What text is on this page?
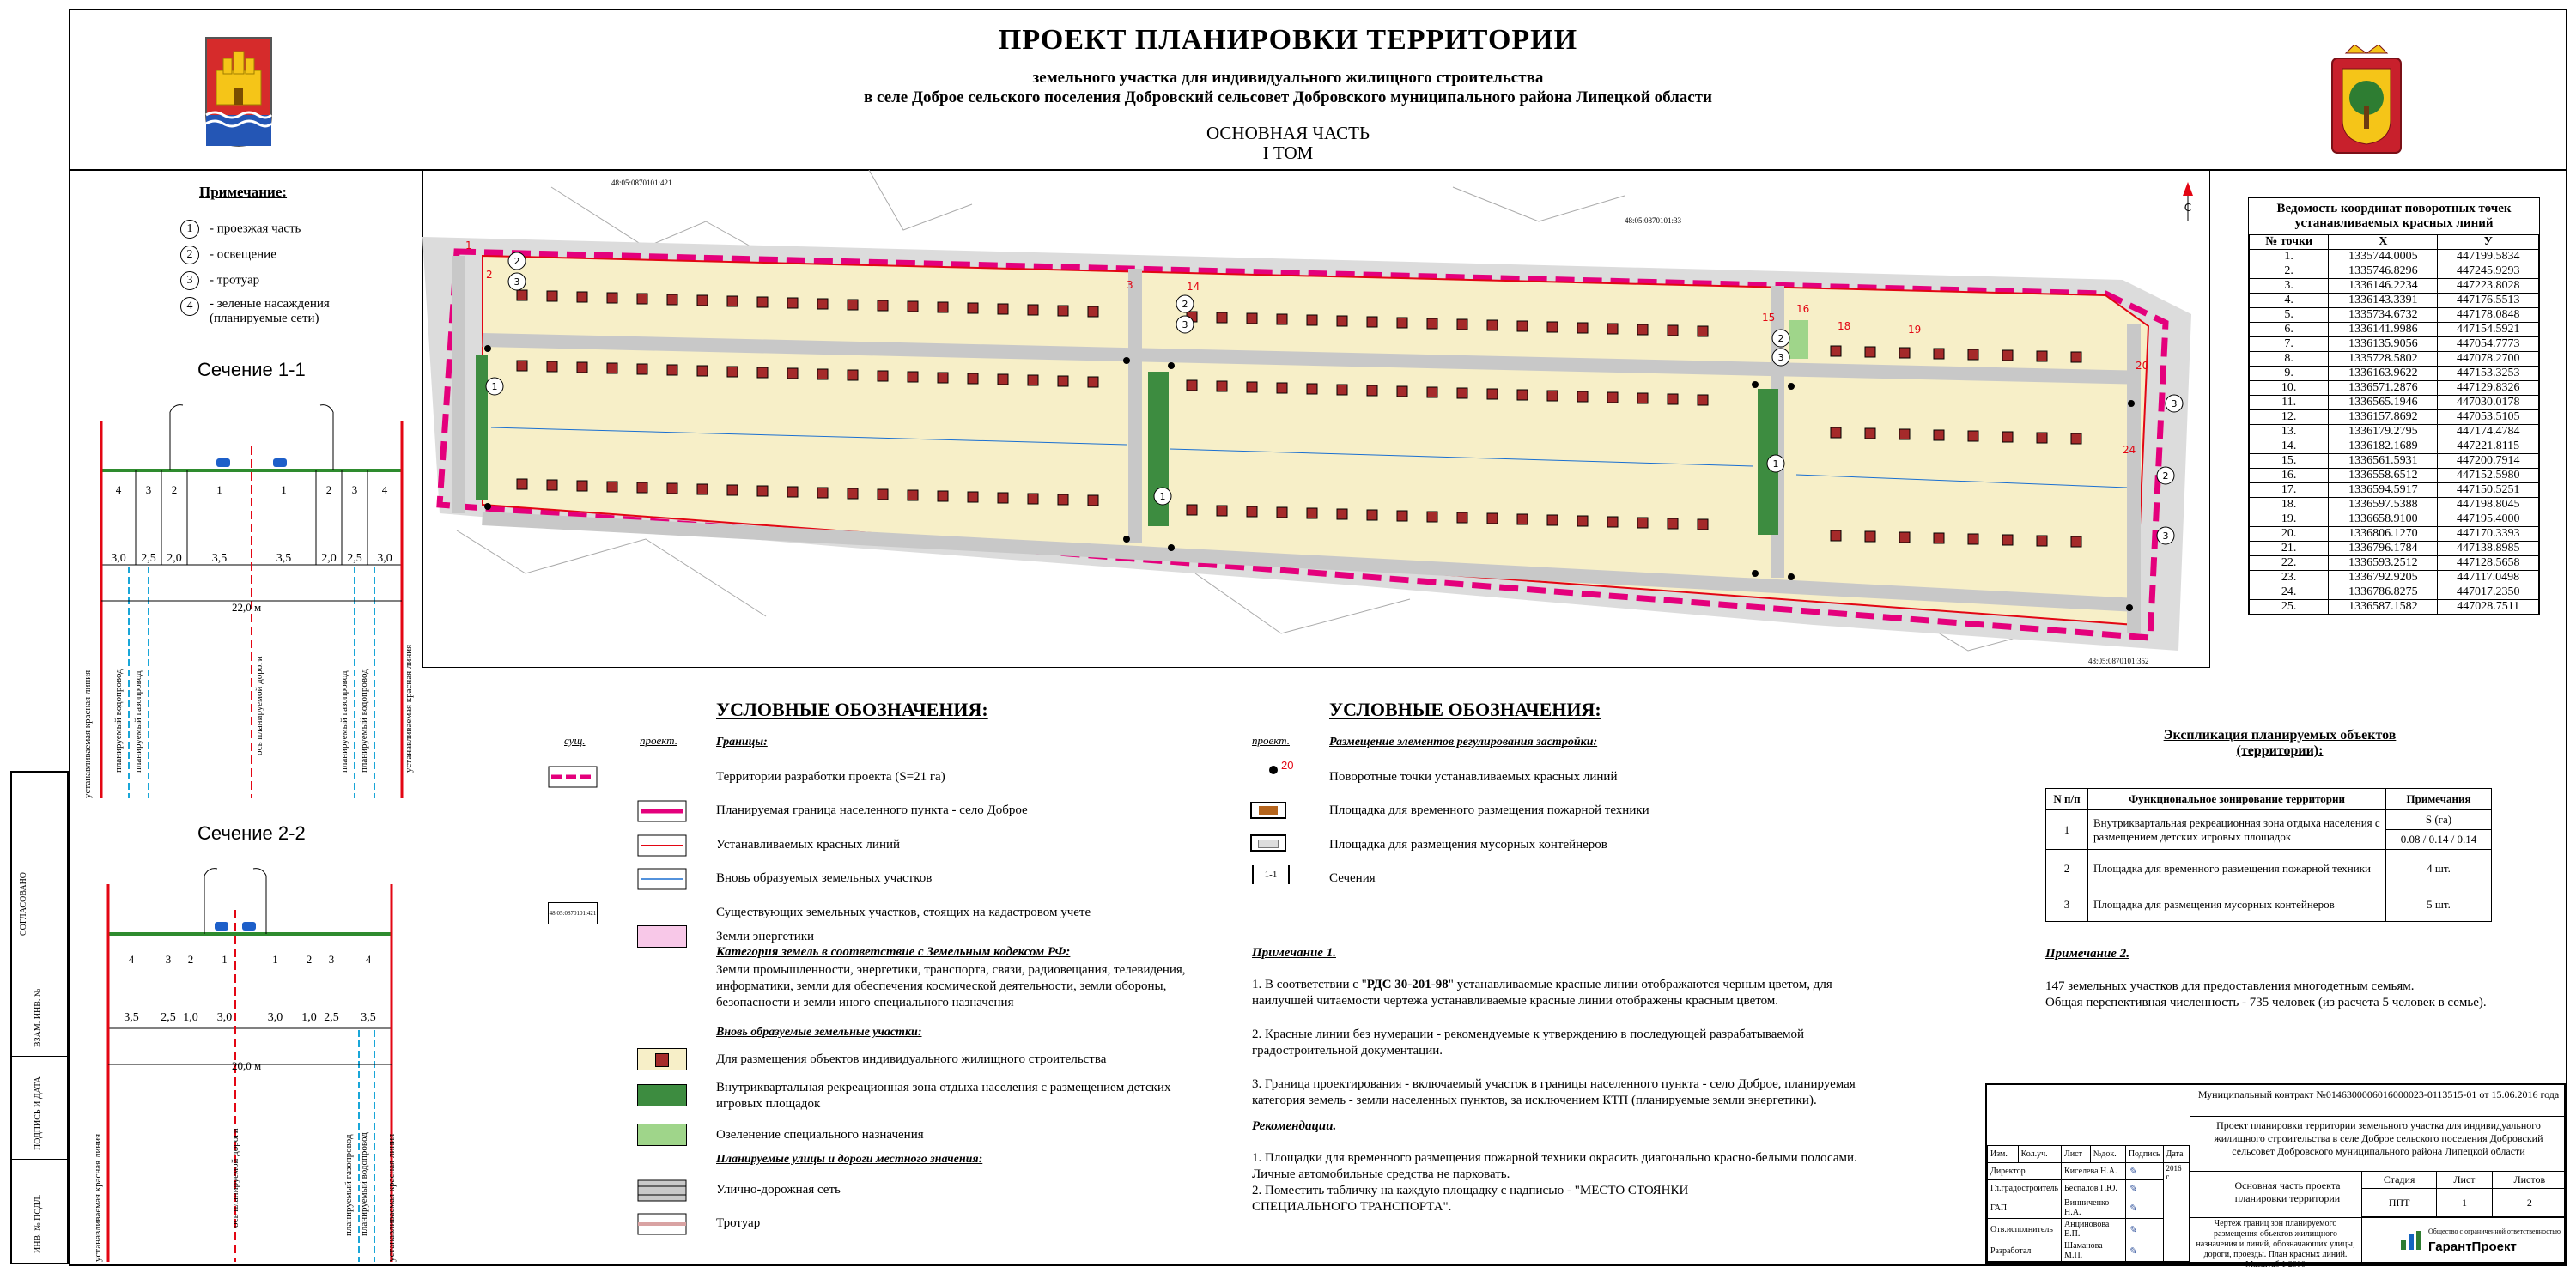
ПРОЕКТ ПЛАНИРОВКИ ТЕРРИТОРИИ
земельного участка для индивидуального жилищного строительства
в селе Доброе сельского поселения Добровский сельсовет Добровского муниципального района Липецкой области
ОСНОВНАЯ ЧАСТЬ
I ТОМ
Примечание:
1 - проезжая часть
2 - освещение
3 - тротуар
4	- зеленые насаждения (планируемые сети)
Сечение 1-1
4	3	2	1	1	2	3	4
3,0	2,5 2,0	3,5	3,5	2,0 2,5	3,0
22,0 м
устанавливаемая красная линия планируемый водопровод планируемый газопровод	ось планируемой дороги	планируемый газопровод планируемый водопровод	устанавливаемая красная линия
Сечение 2-2
4	3	2	1	1	2	3	4
3,5	2,5 1,0	3,0	3,0	1,0 2,5	3,5
20,0 м
устанавливаемая красная линия	ось планируемой дороги	планируемый газопровод планируемый водопровод устанавливаемая красная линия
СОГЛАСОВАНО
ВЗАМ. ИНВ. №
ПОДПИСЬ И ДАТА
ИНВ. № ПОДЛ.
48:05:0870101:421
48:05:0870101:33
48:05:0870101:352
С
1
2
3	14
15
16
18	19
20
24
2
3
1
2
3
1
2
3
1
3
2
3
Ведомость координат поворотных точек устанавливаемых красных линий
№ точки	X	У
1.	1335744.0005	447199.5834
2.	1335746.8296	447245.9293
3.	1336146.2234	447223.8028
4.	1336143.3391	447176.5513
5.	1335734.6732	447178.0848
6.	1336141.9986	447154.5921
7.	1336135.9056	447054.7773
8.	1335728.5802	447078.2700
9.	1336163.9622	447153.3253
10.	1336571.2876	447129.8326
11.	1336565.1946	447030.0178
12.	1336157.8692	447053.5105
13.	1336179.2795	447174.4784
14.	1336182.1689	447221.8115
15.	1336561.5931	447200.7914
16.	1336558.6512	447152.5980
17.	1336594.5917	447150.5251
18.	1336597.5388	447198.8045
19.	1336658.9100	447195.4000
20.	1336806.1270	447170.3393
21.	1336796.1784	447138.8985
22.	1336593.2512	447128.5658
23.	1336792.9205	447117.0498
24.	1336786.8275	447017.2350
25.	1336587.1582	447028.7511
УСЛОВНЫЕ ОБОЗНАЧЕНИЯ:
сущ.	проект.	Границы:
Территории разработки проекта (S=21 га)
Планируемая граница населенного пункта - село Доброе
Устанавливаемых красных линий
Вновь образуемых земельных участков
48:05:0870101:421	Существующих земельных участков, стоящих на кадастровом учете
Земли энергетики
Категория земель в соответствие с Земельным кодексом РФ:
Земли промышленности, энергетики, транспорта, связи, радиовещания, телевидения, информатики, земли для обеспечения космической деятельности, земли обороны, безопасности и земли иного специального назначения
Вновь образуемые земельные участки:
Для размещения объектов индивидуального жилищного строительства
Внутриквартальная рекреационная зона отдыха населения с размещением детских игровых площадок
Озеленение специального назначения
Планируемые улицы и дороги местного значения:
Улично-дорожная сеть
Тротуар
УСЛОВНЫЕ ОБОЗНАЧЕНИЯ:
проект.	Размещение элементов регулирования застройки:
20
Поворотные точки устанавливаемых красных линий
Площадка для временного размещения пожарной техники
Площадка для размещения мусорных контейнеров
1-1	Сечения
Примечание 1.
1. В соответствии с "РДС 30-201-98" устанавливаемые красные линии отображаются черным цветом, для наилучшей читаемости чертежа устанавливаемые красные линии отображены красным цветом.
2. Красные линии без нумерации - рекомендуемые к утверждению в последующей разрабатываемой градостроительной документации.
3. Граница проектирования - включаемый участок в границы населенного пункта - село Доброе, планируемая категория земель - земли населенных пунктов, за исключением КТП (планируемые земли энергетики).
Рекомендации.
1. Площадки для временного размещения пожарной техники окрасить диагонально красно-белыми полосами. Личные автомобильные средства не парковать.
2. Поместить табличку на каждую площадку с надписью - "МЕСТО СТОЯНКИ СПЕЦИАЛЬНОГО ТРАНСПОРТА".
Экспликация планируемых объектов (территории):
N п/п	Функциональное зонирование территории	Примечания
1	Внутриквартальная рекреационная зона отдыха населения с размещением детских игровых площадок	S (га)
0.08 / 0.14 / 0.14

2	Площадка для временного размещения пожарной техники	4 шт.
3	Площадка для размещения мусорных контейнеров	5 шт.
Примечание 2.
147 земельных участков для предоставления многодетным семьям.
Общая перспективная численность - 735 человек (из расчета 5 человек в семье).
Изм.	Кол.уч.	Лист	№док.	Подпись	Дата
Директор		Киселева Н.А.		✎	2016 г.
Гл.градостроитель		Беспалов Г.Ю.		✎	
ГАП		Винниченко Н.А.		✎	
Отв.исполнитель		Анциновова Е.П.		✎	
Разработал		Шаманова М.П.		✎	
Муниципальный контракт №0146300006016000023-0113515-01 от 15.06.2016 года
Проект планировки территории земельного участка для индивидуального жилищного строительства в селе Доброе сельского поселения Добровский сельсовет Добровского муниципального района Липецкой области
Основная часть проекта планировки территории
Стадия	Лист	Листов
ППТ	1	2
Чертеж границ зон планируемого размещения объектов жилищного назначения и линий, обозначающих улицы, дороги, проезды. План красных линий. Масштаб 1:2000
Общество с ограниченной ответственностью
ГарантПроект
